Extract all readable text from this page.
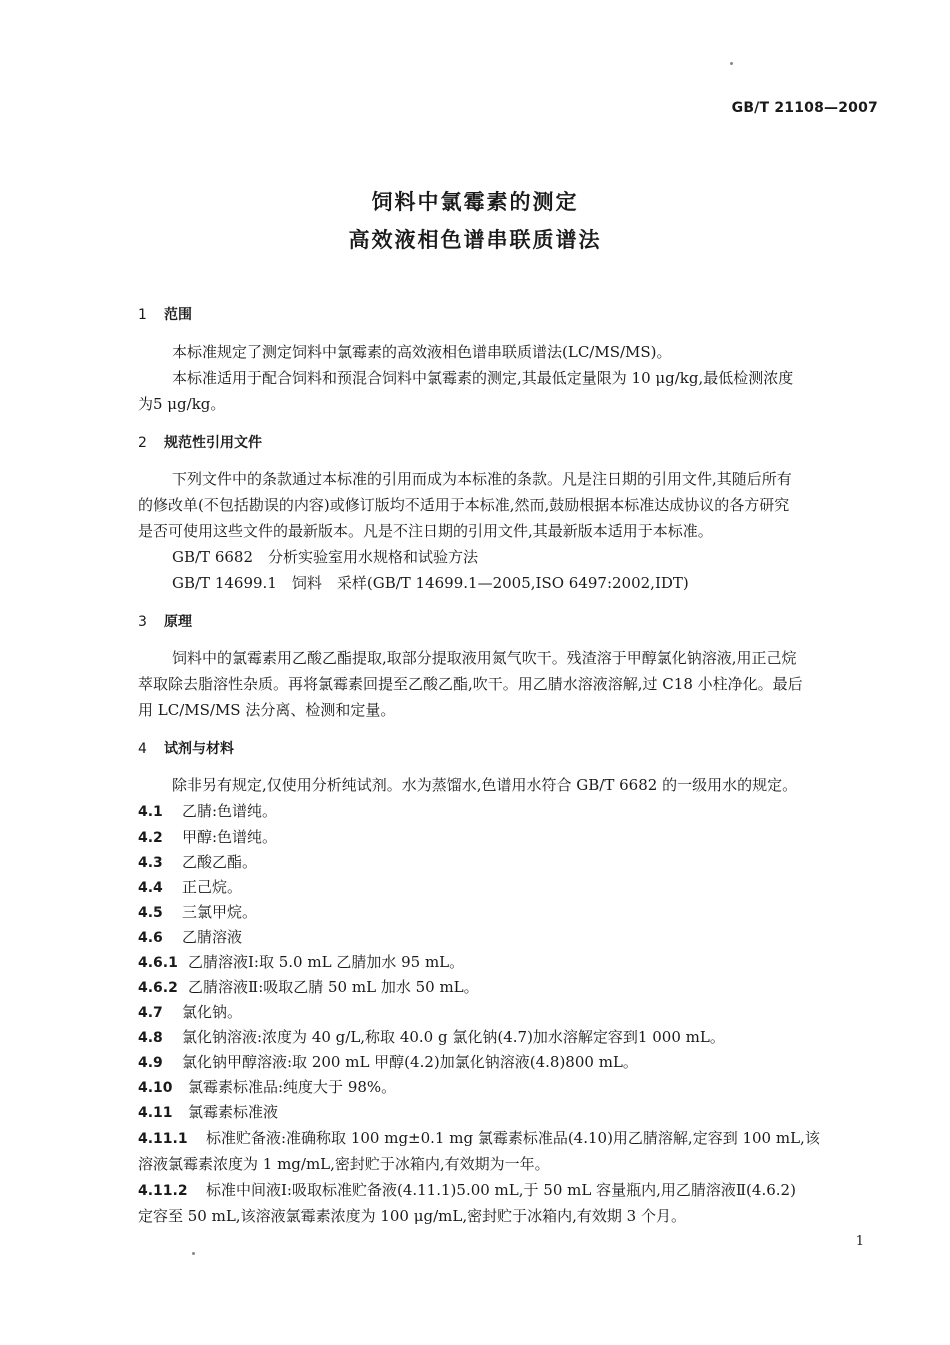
GB/T 21108—2007
饲料中氯霉素的测定
高效液相色谱串联质谱法
1 范围
本标准规定了测定饲料中氯霉素的高效液相色谱串联质谱法(LC/MS/MS)。
本标准适用于配合饲料和预混合饲料中氯霉素的测定,其最低定量限为 10 μg/kg,最低检测浓度
为5 μg/kg。
2 规范性引用文件
下列文件中的条款通过本标准的引用而成为本标准的条款。凡是注日期的引用文件,其随后所有
的修改单(不包括勘误的内容)或修订版均不适用于本标准,然而,鼓励根据本标准达成协议的各方研究
是否可使用这些文件的最新版本。凡是不注日期的引用文件,其最新版本适用于本标准。
GB/T 6682　分析实验室用水规格和试验方法
GB/T 14699.1　饲料　采样(GB/T 14699.1—2005,ISO 6497:2002,IDT)
3 原理
饲料中的氯霉素用乙酸乙酯提取,取部分提取液用氮气吹干。残渣溶于甲醇氯化钠溶液,用正己烷
萃取除去脂溶性杂质。再将氯霉素回提至乙酸乙酯,吹干。用乙腈水溶液溶解,过 C18 小柱净化。最后
用 LC/MS/MS 法分离、检测和定量。
4 试剂与材料
除非另有规定,仅使用分析纯试剂。水为蒸馏水,色谱用水符合 GB/T 6682 的一级用水的规定。
4.1 乙腈:色谱纯。
4.2 甲醇:色谱纯。
4.3 乙酸乙酯。
4.4 正己烷。
4.5 三氯甲烷。
4.6 乙腈溶液
4.6.1 乙腈溶液Ⅰ:取 5.0 mL 乙腈加水 95 mL。
4.6.2 乙腈溶液Ⅱ:吸取乙腈 50 mL 加水 50 mL。
4.7 氯化钠。
4.8 氯化钠溶液:浓度为 40 g/L,称取 40.0 g 氯化钠(4.7)加水溶解定容到1 000 mL。
4.9 氯化钠甲醇溶液:取 200 mL 甲醇(4.2)加氯化钠溶液(4.8)800 mL。
4.10 氯霉素标准品:纯度大于 98%。
4.11 氯霉素标准液
4.11.1 标准贮备液:准确称取 100 mg±0.1 mg 氯霉素标准品(4.10)用乙腈溶解,定容到 100 mL,该
溶液氯霉素浓度为 1 mg/mL,密封贮于冰箱内,有效期为一年。
4.11.2 标准中间液Ⅰ:吸取标准贮备液(4.11.1)5.00 mL,于 50 mL 容量瓶内,用乙腈溶液Ⅱ(4.6.2)
定容至 50 mL,该溶液氯霉素浓度为 100 μg/mL,密封贮于冰箱内,有效期 3 个月。
1
